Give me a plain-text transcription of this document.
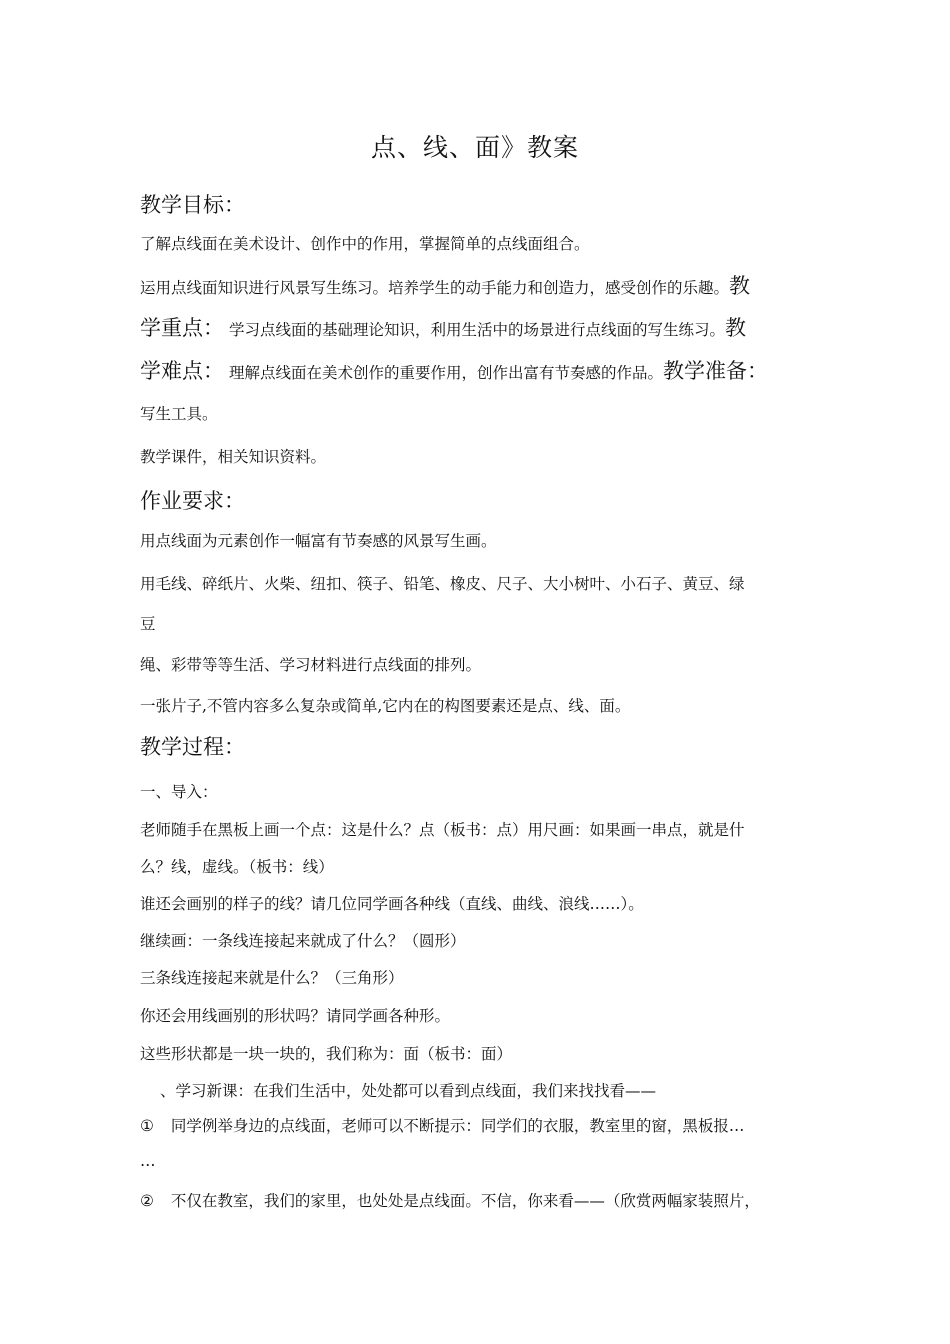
点、线、面》教案
教学目标：
了解点线面在美术设计、创作中的作用，掌握简单的点线面组合。
运用点线面知识进行风景写生练习。培养学生的动手能力和创造力，感受创作的乐趣。教
学重点： 学习点线面的基础理论知识，利用生活中的场景进行点线面的写生练习。教
学难点： 理解点线面在美术创作的重要作用，创作出富有节奏感的作品。教学准备：
写生工具。
教学课件，相关知识资料。
作业要求：
用点线面为元素创作一幅富有节奏感的风景写生画。
用毛线、碎纸片、火柴、纽扣、筷子、铅笔、橡皮、尺子、大小树叶、小石子、黄豆、绿
豆
绳、彩带等等生活、学习材料进行点线面的排列。
一张片子,不管内容多么复杂或简单,它内在的构图要素还是点、线、面。
教学过程：
一、导入：
老师随手在黑板上画一个点：这是什么？点（板书：点）用尺画：如果画一串点，就是什
么？线，虚线。（板书：线）
谁还会画别的样子的线？请几位同学画各种线（直线、曲线、浪线……）。
继续画：一条线连接起来就成了什么？（圆形）
三条线连接起来就是什么？（三角形）
你还会用线画别的形状吗？请同学画各种形。
这些形状都是一块一块的，我们称为：面（板书：面）
、学习新课：在我们生活中，处处都可以看到点线面，我们来找找看——
① 同学例举身边的点线面，老师可以不断提示：同学们的衣服，教室里的窗，黑板报…
…
② 不仅在教室，我们的家里，也处处是点线面。不信，你来看——（欣赏两幅家装照片，
